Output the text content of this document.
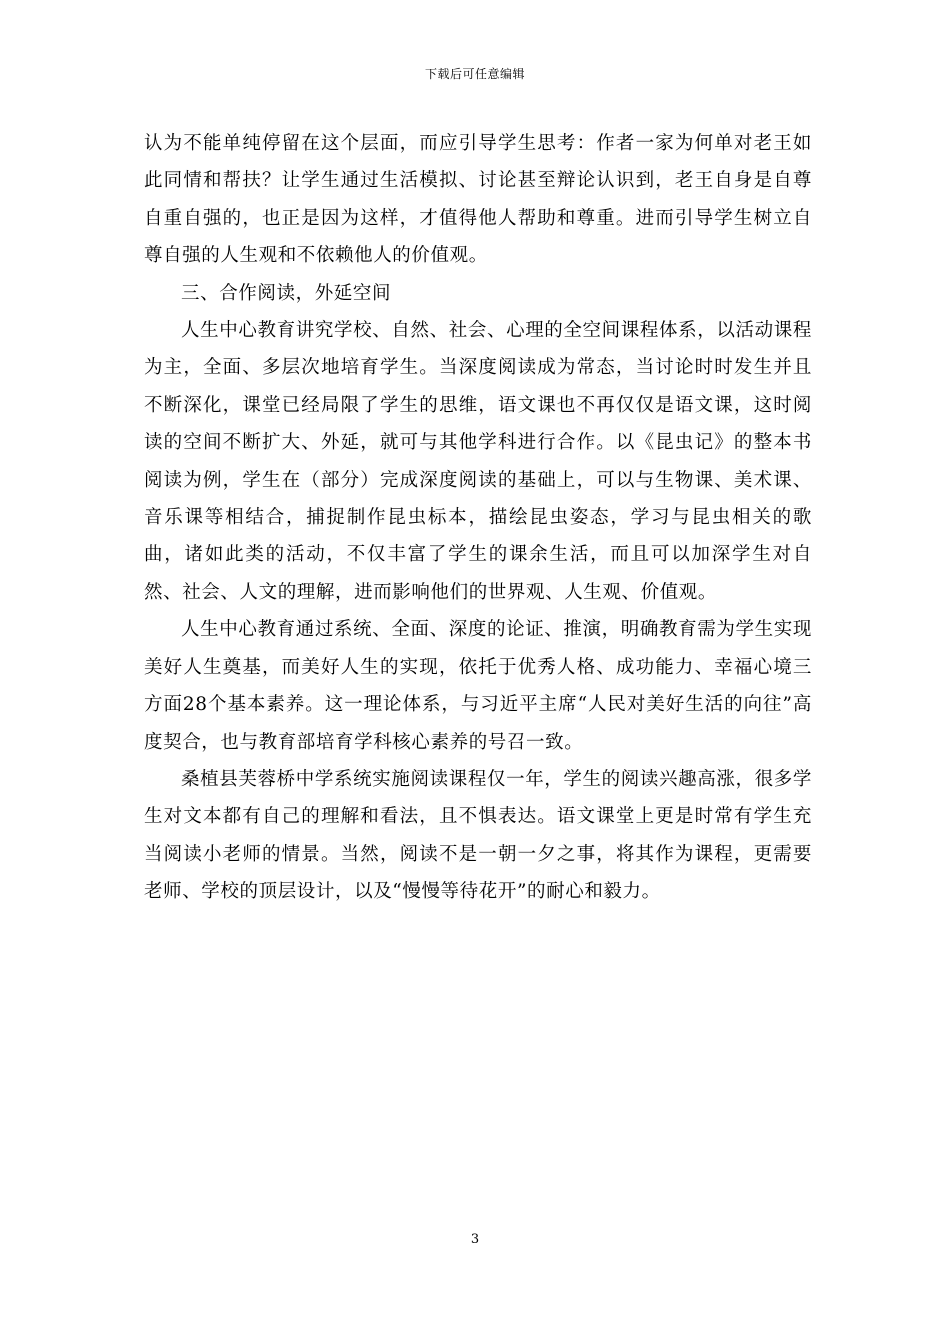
下载后可任意编辑

认为不能单纯停留在这个层面，而应引导学生思考：作者一家为何单对老王如此同情和帮扶？让学生通过生活模拟、讨论甚至辩论认识到，老王自身是自尊自重自强的，也正是因为这样，才值得他人帮助和尊重。进而引导学生树立自尊自强的人生观和不依赖他人的价值观。

三、合作阅读，外延空间

人生中心教育讲究学校、自然、社会、心理的全空间课程体系，以活动课程为主，全面、多层次地培育学生。当深度阅读成为常态，当讨论时时发生并且不断深化，课堂已经局限了学生的思维，语文课也不再仅仅是语文课，这时阅读的空间不断扩大、外延，就可与其他学科进行合作。以《昆虫记》的整本书阅读为例，学生在（部分）完成深度阅读的基础上，可以与生物课、美术课、音乐课等相结合，捕捉制作昆虫标本，描绘昆虫姿态，学习与昆虫相关的歌曲，诸如此类的活动，不仅丰富了学生的课余生活，而且可以加深学生对自然、社会、人文的理解，进而影响他们的世界观、人生观、价值观。

人生中心教育通过系统、全面、深度的论证、推演，明确教育需为学生实现美好人生奠基，而美好人生的实现，依托于优秀人格、成功能力、幸福心境三方面28个基本素养。这一理论体系，与习近平主席“人民对美好生活的向往”高度契合，也与教育部培育学科核心素养的号召一致。

桑植县芙蓉桥中学系统实施阅读课程仅一年，学生的阅读兴趣高涨，很多学生对文本都有自己的理解和看法，且不惧表达。语文课堂上更是时常有学生充当阅读小老师的情景。当然，阅读不是一朝一夕之事，将其作为课程，更需要老师、学校的顶层设计，以及“慢慢等待花开”的耐心和毅力。

3
